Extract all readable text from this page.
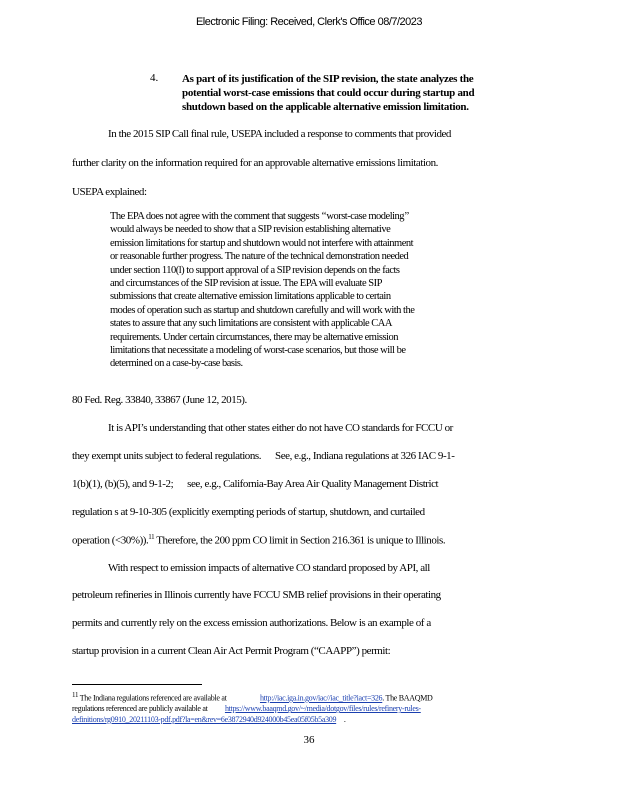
Electronic Filing: Received, Clerk's Office 08/7/2023
4. As part of its justification of the SIP revision, the state analyzes the
potential worst-case emissions that could occur during startup and
shutdown based on the applicable alternative emission limitation.
In the 2015 SIP Call final rule, USEPA included a response to comments that provided
further clarity on the information required for an approvable alternative emissions limitation.
USEPA explained:
The EPA does not agree with the comment that suggests ‘‘worst-case modeling’’
would always be needed to show that a SIP revision establishing alternative
emission limitations for startup and shutdown would not interfere with attainment
or reasonable further progress. The nature of the technical demonstration needed
under section 110(l) to support approval of a SIP revision depends on the facts
and circumstances of the SIP revision at issue. The EPA will evaluate SIP
submissions that create alternative emission limitations applicable to certain
modes of operation such as startup and shutdown carefully and will work with the
states to assure that any such limitations are consistent with applicable CAA
requirements. Under certain circumstances, there may be alternative emission
limitations that necessitate a modeling of worst-case scenarios, but those will be
determined on a case-by-case basis.
80 Fed. Reg. 33840, 33867 (June 12, 2015).
It is API’s understanding that other states either do not have CO standards for FCCU or
they exempt units subject to federal regulations. See, e.g., Indiana regulations at 326 IAC 9-1-
1(b)(1), (b)(5), and 9-1-2; see, e.g., California-Bay Area Air Quality Management District
regulation s at 9-10-305 (explicitly exempting periods of startup, shutdown, and curtailed
operation (<30%)).$^{11}$ Therefore, the 200 ppm CO limit in Section 216.361 is unique to Illinois.
With respect to emission impacts of alternative CO standard proposed by API, all
petroleum refineries in Illinois currently have FCCU SMB relief provisions in their operating
permits and currently rely on the excess emission authorizations. Below is an example of a
startup provision in a current Clean Air Act Permit Program (“CAAPP”) permit:
11 The Indiana regulations referenced are available at	http://iac.iga.in.gov/iac//iac_title?iact=326. The BAAQMD
regulations referenced are publicly available at https://www.baaqmd.gov/~/media/dotgov/files/rules/refinery-rules-
definitions/rg0910_20211103-pdf.pdf?la=en&rev=6e3872940d924000b45ea05f05b5a309 .
36
